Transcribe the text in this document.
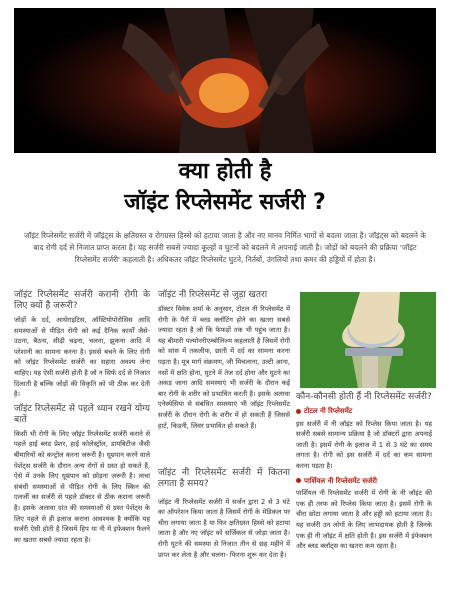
क्या होती है
जॉइंट रिप्लेसमेंट सर्जरी ?
जॉइंट रिप्लेसमेंट सर्जरी में जॉइंट्स के क्षतिग्रस्त व रोगग्रस्त हिस्से को हटाया जाता है और नए मानव निर्मित भागों से बदला जाता है। जॉइंट्स को बदलने के बाद रोगी दर्द से निजात प्राप्त करता है। यह सर्जरी सबसे ज्यादा कूल्हों व घुटनों को बदलने में अपनाई जाती है। जोड़ों को बदलने की प्रक्रिया 'जॉइंट रिप्लेसमेंट सर्जरी' कहलाती है। अधिकतर जॉइंट रिप्लेसमेंट घुटने, निर्तबों, उंगलियों तथा कमर की हड्डियों में होता है।
जॉइंट रिप्लेसमेंट सर्जरी करानी रोगी के लिए क्यों है जरूरी?

जोड़ों के दर्द, आर्थराइटिस, ऑस्टियोपोरोसिस आदि समस्याओं से पीड़ित रोगी को कई दैनिक कार्यों जैसे- उठना, बैठना, सीढ़ी चढ़ना, चलना, झुकना आदि में परेशानी का सामना करना है। इससे बचने के लिए रोगी को जॉइंट रिप्लेसमेंट सर्जरी का सहारा अवश्य लेना चाहिए। यह ऐसी सर्जरी होती है जो न सिर्फ दर्द से निजात दिलाती है बल्कि जोड़ों की विकृति को भी ठीक कर देती है।

जॉइंट रिप्लेसमेंट से पहले ध्यान रखने योग्य बातें

किसी भी रोगी के लिए जॉइंट रिप्लेसमेंट सर्जरी कराने से पहले हाई ब्लड प्रेशर, हाई कोलेस्ट्रॉल, डायबिटीज जैसी बीमारियों को कन्ट्रोल करना जरूरी है। धूम्रपान करने वाले पेशेंट्स सर्जरी के दौरान अन्य रोगों से ग्रस्त हो सकते हैं, ऐसे में उनके लिए धूम्रपान को छोड़ना जरूरी है। त्वचा संबंधी समस्याओं से पीड़ित रोगी के लिए स्किन की एलर्जी का सर्जरी से पहले डॉक्टर से ठीक कराना जरूरी है। इसके अलावा दांत की समस्याओं से ग्रस्त पेशेंट्स के लिए पहले से ही इलाज कराना आवश्यक है क्योंकि यह सर्जरी ऐसी होती है जिसमें हिप या नी में इंफेक्शन फैलने का खतरा सबसे ज्यादा रहता है।

जॉइंट नी रिप्लेसमेंट से जुड़ा खतरा

डॉक्टर विवेक शर्मा के अनुसार, टोटल नी रिप्लेसमेंट में रोगी के पैरों में ब्लड क्लॉटिंग होने का खतरा सबसे ज्यादा रहता है जो कि फेफड़ों तक भी पहुंच जाता है। यह बीमारी पल्मोनरीएम्बोलिज्म कहलाती है जिसमें रोगी को सांस में तकलीफ, छाती में दर्द का सामना करना पड़ता है। मूत्र मार्ग संक्रमण, जी मिचलाना, उल्टी आना, नसों में क्षति होना, घुटने में तेज दर्द होना और घुटने का अकड़ जाना आदि समस्याएं भी सर्जरी के दौरान कई बार रोगी के शरीर को प्रभावित करती है। इसके अलावा एनेस्थेसिया से संबंधित समस्याएं भी जॉइंट रिप्लेसमेंट सर्जरी के दौरान रोगी के शरीर में हो सकती हैं जिससे हार्ट, किडनी, लिवर प्रभावित हो सकते हैं।

जॉइंट नी रिप्लेसमेंट सर्जरी में कितना लगता है समय?

जॉइंट नी रिप्लेसमेंट सर्जरी में सर्जन द्वारा 2 से 3 घंटे का ऑपरेशन किया जाता है जिसमें रोगी के मेडिकल पर चीरा लगाया जाता है या फिर क्षतिग्रस्त हिस्से को हटाया जाता है और नए जॉइंट को सर्जिकल से जोड़ा जाता है। रोगी घुटने की समस्या से निजात तीन से छह महीने में प्राप्त कर लेता है और चलना- फिरना शुरू कर देता है।

कौन-कौनसी होती हैं नी रिप्लेसमेंट सर्जरी?
टोटल नी रिप्लेसमेंट

इस सर्जरी में नी जॉइंट को रिप्लेस किया जाता है। यह सर्जरी सबसे सामान्य प्रक्रिया है जो डॉक्टरों द्वारा अपनाई जाती है। इसमें रोगी के इलाज में 1 से 3 घंटे का समय लगता है। रोगी को इस सर्जरी में दर्द का कम सामना करना पड़ता है।

पार्शियल नी रिप्लेसमेंट सर्जरी

पार्शियल नी रिप्लेसमेंट सर्जरी में रोगी के नी जॉइंट की एक ही तरफ को रिप्लेस किया जाता है। इसमें रोगी के चीरा छोटा लगाया जाता है और हड्डी को हटाया जाता है। यह सर्जरी उन लोगों के लिए लाभदायक होती है जिनके एक ही नी जॉइंट में क्षति होती है। इस सर्जरी में इंफेक्शन और ब्लड क्लॉट्स का खतरा कम रहता है।
